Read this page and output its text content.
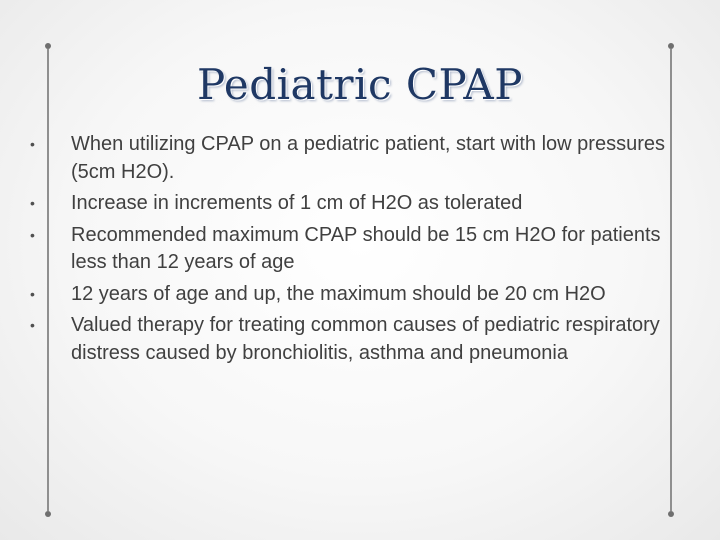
Pediatric CPAP
•	When utilizing CPAP on a pediatric patient, start with low pressures (5cm H2O).
•	Increase in increments of 1 cm of H2O as tolerated
•	Recommended maximum CPAP should be 15 cm H2O for patients less than 12 years of age
•	12 years of age and up, the maximum should be 20 cm H2O
•	Valued therapy for treating common causes of pediatric respiratory distress caused by bronchiolitis, asthma and pneumonia
